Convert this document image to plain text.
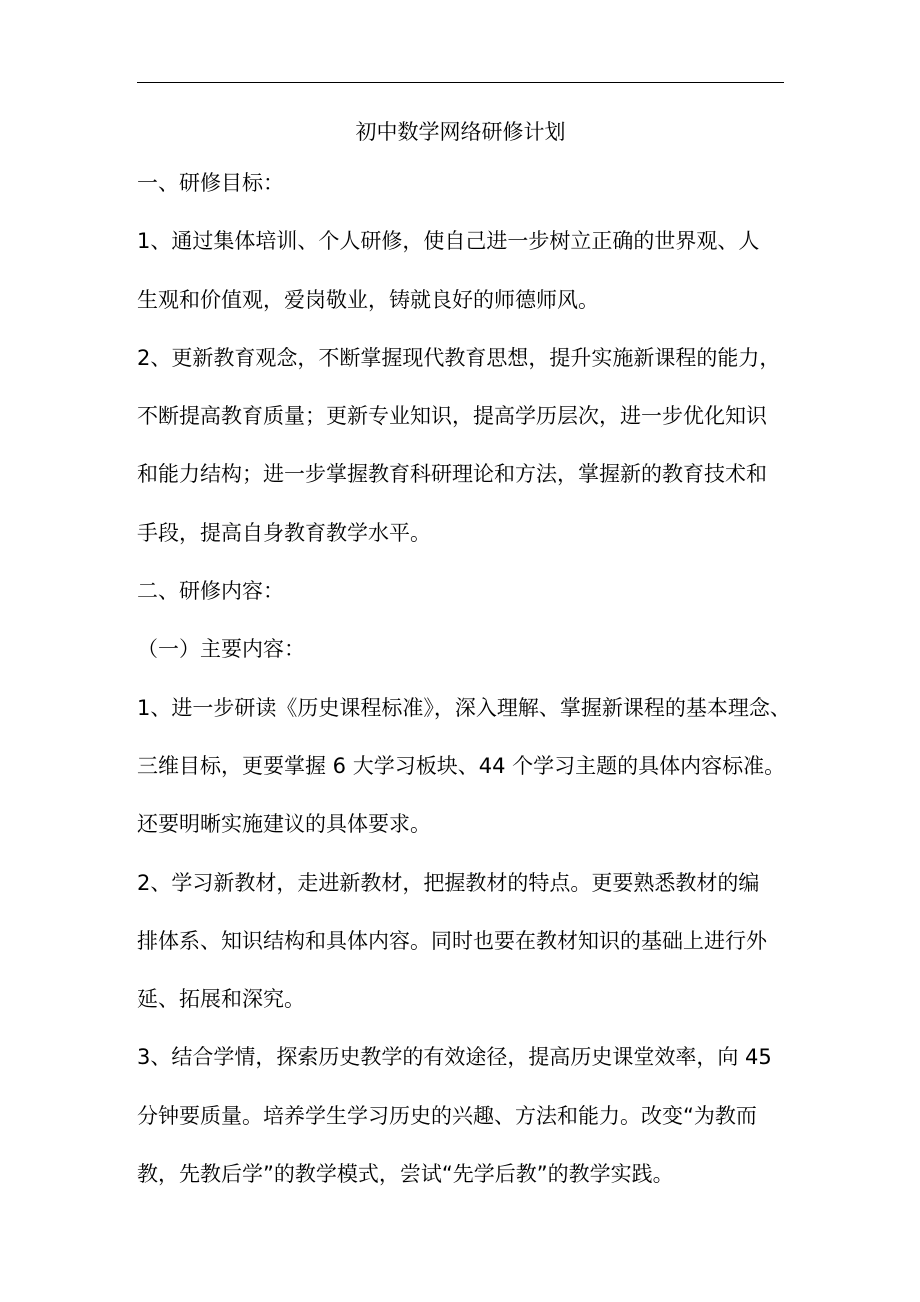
初中数学网络研修计划
一、研修目标：
1、通过集体培训、个人研修，使自己进一步树立正确的世界观、人
生观和价值观，爱岗敬业，铸就良好的师德师风。
2、更新教育观念，不断掌握现代教育思想，提升实施新课程的能力，
不断提高教育质量；更新专业知识，提高学历层次，进一步优化知识
和能力结构；进一步掌握教育科研理论和方法，掌握新的教育技术和
手段，提高自身教育教学水平。
二、研修内容：
（一）主要内容：
1、进一步研读《历史课程标准》，深入理解、掌握新课程的基本理念、
三维目标，更要掌握 6 大学习板块、44 个学习主题的具体内容标准。
还要明晰实施建议的具体要求。
2、学习新教材，走进新教材，把握教材的特点。更要熟悉教材的编
排体系、知识结构和具体内容。同时也要在教材知识的基础上进行外
延、拓展和深究。
3、结合学情，探索历史教学的有效途径，提高历史课堂效率，向 45
分钟要质量。培养学生学习历史的兴趣、方法和能力。改变“为教而
教，先教后学”的教学模式，尝试“先学后教”的教学实践。
